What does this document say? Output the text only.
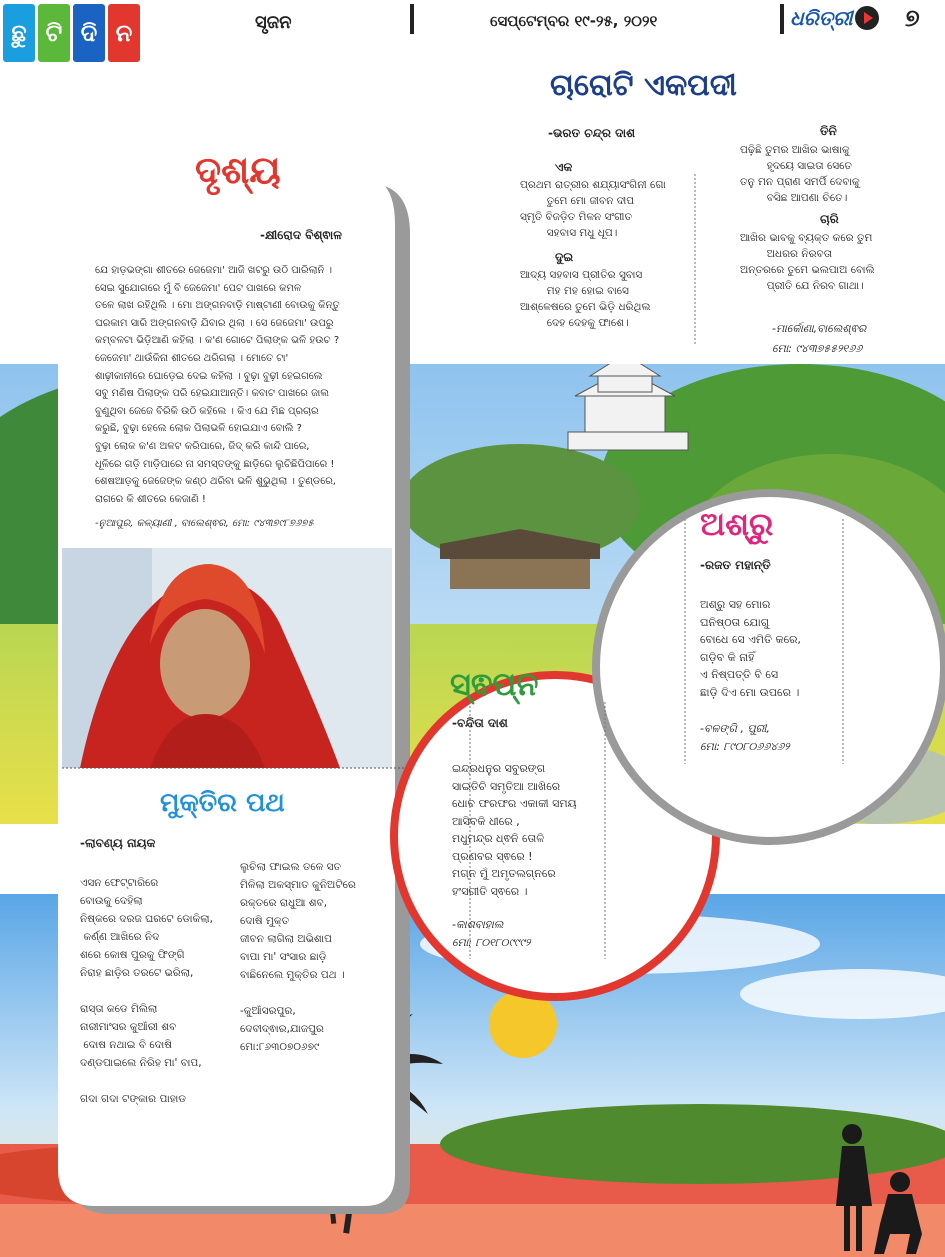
ଛୁ ଟି ଦି ନ	ସୃଜନ	ସେପ୍ଟେମ୍ବର ୧୯-୨୫, ୨୦୨୧	ଧରିତ୍ରୀ ୭
ଚାରୋଟି ଏକପଦୀ
-ଭରତ ଚନ୍ଦ୍ର ଦାଶ
ଏକ
ପ୍ରଥମ ରାତ୍ରୀର ଶଯ୍ୟାସଂଗିନୀ ଗୋ
ତୁମେ ମୋ ଜୀବନ ଦୀପ
ସ୍ମୃତି ବିଜଡ଼ିତ ମିଳନ ସଂଗୀତ
ସହବାସ ମଧୁ ଧୂପ।
ଦୁଇ
ଆଦ୍ୟ ସହବାସ ପ୍ରୀତିର ସୁବାସ
ମହ ମହ ହୋଇ ବାସେ
ଆଶ୍ଳେଷରେ ତୁମେ ଭିଡ଼ି ଧରିଥିଲ
ଦେହ ଦେହକୁ ଫାଶେ।
ତିନି
ପଢ଼ିଛି ତୁମର ଆଖିର ଭାଷାକୁ
ହୃଦୟେ ସାଇତା ସେତେ
ତନୁ ମନ ପ୍ରାଣ ସମର୍ପି ଦେବାକୁ
ବସିଛ ଆପଣା ଚିତେ।
ଚାରି
ଆଖିର ଭାବକୁ ବ୍ୟକ୍ତ କରେ ତୁମ
ଅଧରର ନିରବତା
ଅନ୍ତରରେ ତୁମେ ଭଲପାଅ ବୋଲି
ପ୍ରୀତି ଯେ ନିରବ ଗାଥା।
-ମାର୍କୋଣା,ବାଲେଶ୍ଵର
ମୋ: ୯୪୩୭୫୫୨୧୬୬
ଦୃଶ୍ୟ
-କ୍ଷୀରୋଦ ବିଶ୍ଵାଳ
ଯେ ହାଡ଼ଭଙ୍ଗା ଶୀତରେ ଜେଜେମା' ଆଜି ଖଟରୁ ଉଠି ପାରିଲାନି ।
ସେଇ ସୁଯୋଗରେ ମୁଁ ବି ଜେଜେମା' ପେଟ ପାଖରେ କମଳ
ତଳେ ଲାଖ ରହିଥିଲି । ମୋ ଅଙ୍ଗନବାଡ଼ି ମାଷ୍ଟାଣୀ ବୋଉକୁ କିନ୍ତୁ
ଘରକାମ ସାରି ଅଙ୍ଗନବାଡ଼ି ଯିବାର ଥିଲା । ସେ ଜେଜେମା' ଉପରୁ
କମ୍ବଳଟା ଭିଡ଼ିଆଣି କହିଲା । କ'ଣ ଗୋଟେ ପିଲାଙ୍କ ଭଳି ହଉଚ ?
ଜେଜେମା' ଥାଉଁକିନା ଶୀତରେ ଥରିଗଲା । ମୋତେ ଟା'
ଶାଢ଼ୀକାନୀରେ ଘୋଡ଼େଇ ଦେଇ କହିଲା । ବୁଢ଼ା ବୁଢ଼ୀ ହେଇଗଲେ
ସବୁ ମଣିଷ ପିଲାଙ୍କ ପରି ହେଇଯାଆନ୍ତି। କବାଟ ପାଖରେ ଜାଲ
ବୁଣୁଥିବା ଜେଜେ ବିରିକି ଉଠି କହିଲେ । କିଏ ଯେ ମିଛ ପ୍ରଚାର
କରୁଛି, ବୁଢ଼ା ହେଲେ ଲୋକ ପିଲାଭଳି ହୋଇଯାଏ ବୋଲି ?
ବୁଢ଼ା ଲୋକ କ'ଣ ଅଳଟ କରିପାରେ, ଜିଦ୍ କରି କାନ୍ଦି ପାରେ,
ଧୂଳିରେ ଗଡ଼ି ମାଡ଼ିପାରେ ନା ସମସ୍ତଙ୍କୁ ଛାଡ଼ିରେ ଲୁଚିଛିପିପାରେ !
ଶେଷଆଡ଼କୁ ଜେଜେଙ୍କ କଣ୍ଠ ଥରିବା ଭଳି ଶୁଭୁଥିଲା । ତୁଣ୍ଡରେ,
ରାଗରେ କି ଶୀତରେ କେଜାଣି !
-ନୁଆପୁର, କଳ୍ୟାଣୀ , ବାଲେଶ୍ଵର, ମୋ: ୯୪୩୭୯୮୭୬୭୫	ଅଶ୍ରୁ
-ରଜତ ମହାନ୍ତି
ଅଶ୍ରୁ ସହ ମୋର
ଘନିଷ୍ଠତା ଯୋଗୁ
ବୋଧେ ସେ ଏମିତି କରେ,
ଗଡ଼ିବ କି ନାହିଁ
ଏ ନିଷ୍ପତ୍ତି ବି ସେ
ଛାଡ଼ି ଦିଏ ମୋ ଉପରେ ।
-ବଳଙ୍ଗି , ପୁରୀ,
ମୋ: ୮୯୦୮୦୬୬୪୬୨
ସ୍ଵପ୍ନ
-ବନ୍ଦିତା ଦାଶ
ଇନ୍ଦ୍ରଧନୁର ସବୁରଙ୍ଗ
ସାଇତିଚି ସମୃତିଆ ଆଖିରେ
ଧୋବ ଫରଫର ଏକାକୀ ସମୟ
ଆସିବକି ଧୀରେ ,
ମଧୁମନ୍ଦ୍ର ଧ୍ଵନି ତୋଳି
ପ୍ରଣବର ସ୍ଵରେ !
ମଗ୍ନ ମୁଁ ଅମୃତଲଗ୍ନରେ
ହଂସଗୀତି ସ୍ଵରେ ।
-କାଶବାହାଲ
ମୋ: ୮୦୧୮୦୯୯୯୨
ମୁକ୍ତିର ପଥ
-ଲାବଣ୍ୟ ନାୟକ
ଏସନ ଫେଟ୍ଟାରିରେ
ବୋଉକୁ ଦେହିଲା
ନିଷ୍କରେ ଦରଜ ଘରଟେ ଡୋକିଲା,
କର୍ଣ୍ଣ ଆଖିରେ ନିଦ
ଶରେ କୋଷ ପୁରକୁ ଫିଙ୍ଗି
ନିରାହ ଛାଡ଼ିର ତରଟେ ଭରିଲା,

ରାସ୍ତା କଡେ ମିଲିଲା
ନାରୀମାଂସର କୁଆଁରୀ ଶବ
ଦୋଷ ନଥାଇ ବି ଦୋଷି
ଦଣ୍ଡପାଇଲେ ନିରିହ ମା' ବାପ,

ଗଦା ଗଦା ଟଙ୍କାର ପାହାଡ
ଲୁଚିଲା ଫାଇଲ ତଳେ ସତ
ମିଳିଲା ଅକସ୍ମାତ କୁନିଅଟିରେ
ରକ୍ତରେ ରାଧୁଆ ଶବ,
ଦୋଷି ମୁକ୍ତ
ଜୀବନ ଲାଗିଲା ଅଭିଶାପ
ବାପା ମା' ସଂସାର ଛାଡ଼ି
ବାଛିନେଲେ ମୁକ୍ତିର ପଥ ।

-କୁଆଁସରପୁର,
ଦେବୀଦ୍ଵାର,ଯାଜପୁର
ମୋ:୮୬୩୦୭୦୬୭୯
